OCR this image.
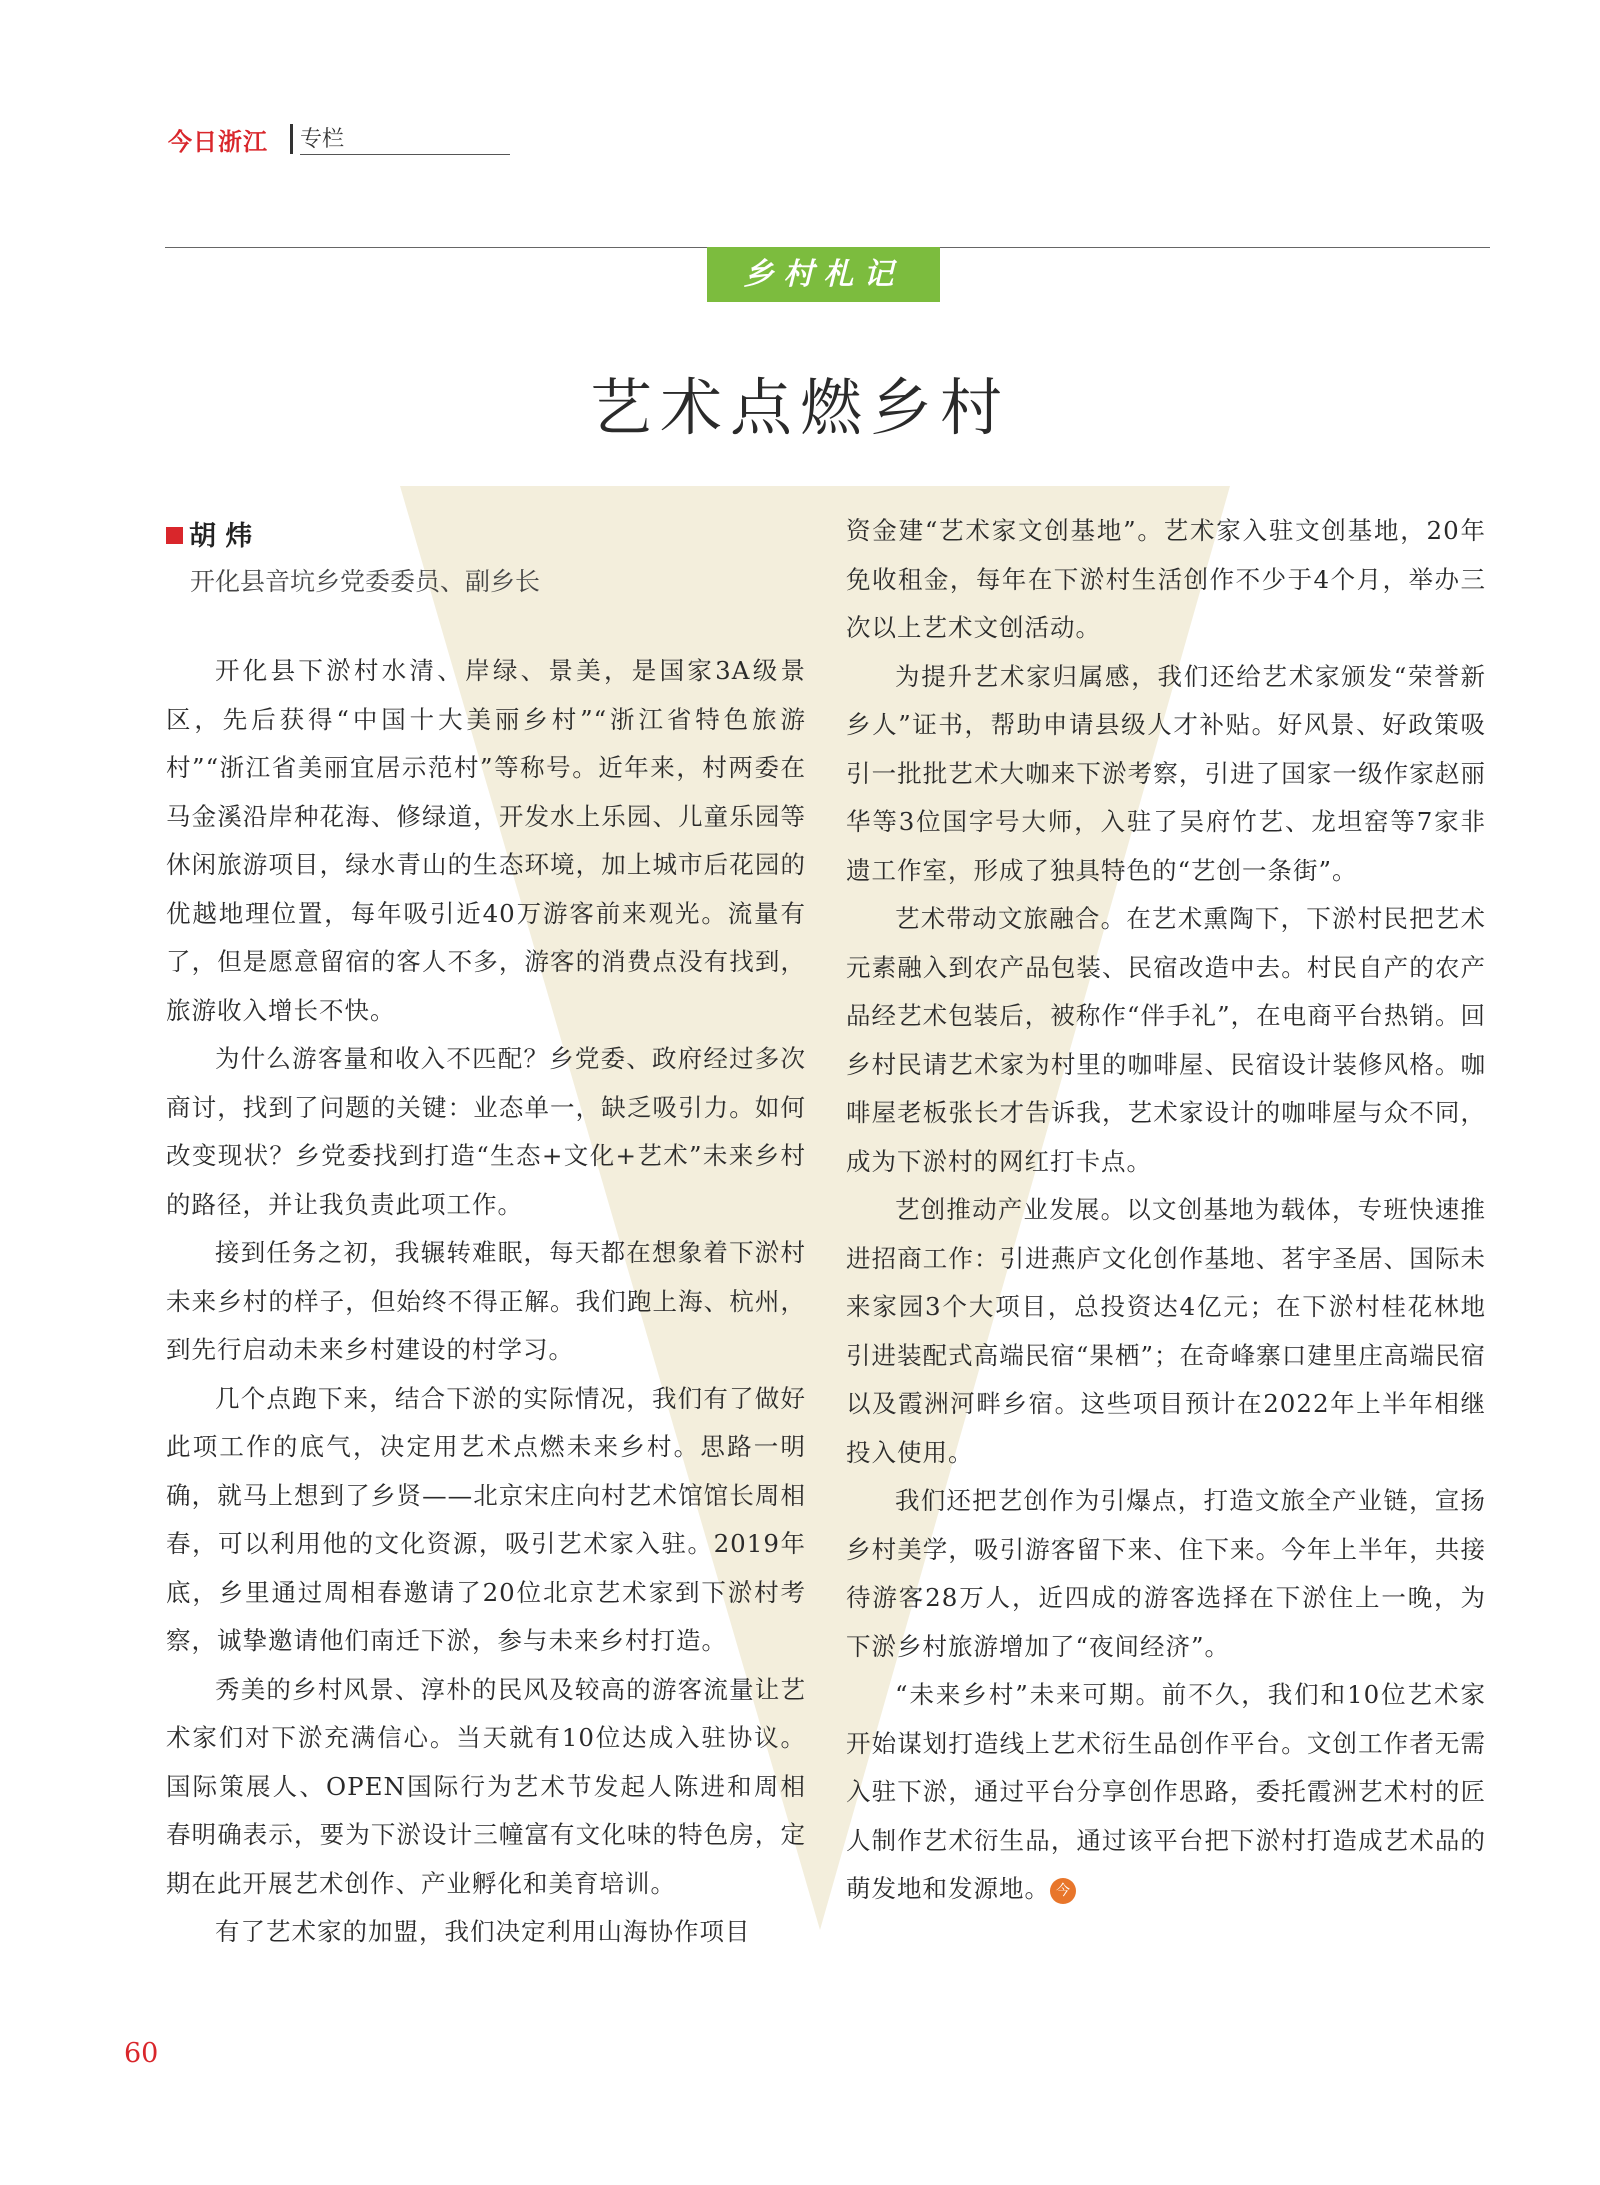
今日浙江 专栏
乡村札记
艺术点燃乡村
胡 炜
开化县音坑乡党委委员、副乡长

开化县下淤村水清、岸绿、景美，是国家3A级景区，先后获得“中国十大美丽乡村”“浙江省特色旅游村”“浙江省美丽宜居示范村”等称号。近年来，村两委在马金溪沿岸种花海、修绿道，开发水上乐园、儿童乐园等休闲旅游项目，绿水青山的生态环境，加上城市后花园的优越地理位置，每年吸引近40万游客前来观光。流量有了，但是愿意留宿的客人不多，游客的消费点没有找到，旅游收入增长不快。

为什么游客量和收入不匹配？乡党委、政府经过多次商讨，找到了问题的关键：业态单一，缺乏吸引力。如何改变现状？乡党委找到打造“生态+文化+艺术”未来乡村的路径，并让我负责此项工作。

接到任务之初，我辗转难眠，每天都在想象着下淤村未来乡村的样子，但始终不得正解。我们跑上海、杭州，到先行启动未来乡村建设的村学习。

几个点跑下来，结合下淤的实际情况，我们有了做好此项工作的底气，决定用艺术点燃未来乡村。思路一明确，就马上想到了乡贤——北京宋庄向村艺术馆馆长周相春，可以利用他的文化资源，吸引艺术家入驻。2019年底，乡里通过周相春邀请了20位北京艺术家到下淤村考察，诚挚邀请他们南迁下淤，参与未来乡村打造。

秀美的乡村风景、淳朴的民风及较高的游客流量让艺术家们对下淤充满信心。当天就有10位达成入驻协议。国际策展人、OPEN国际行为艺术节发起人陈进和周相春明确表示，要为下淤设计三幢富有文化味的特色房，定期在此开展艺术创作、产业孵化和美育培训。

有了艺术家的加盟，我们决定利用山海协作项目

资金建“艺术家文创基地”。艺术家入驻文创基地，20年免收租金，每年在下淤村生活创作不少于4个月，举办三次以上艺术文创活动。

为提升艺术家归属感，我们还给艺术家颁发“荣誉新乡人”证书，帮助申请县级人才补贴。好风景、好政策吸引一批批艺术大咖来下淤考察，引进了国家一级作家赵丽华等3位国字号大师，入驻了吴府竹艺、龙坦窑等7家非遗工作室，形成了独具特色的“艺创一条街”。

艺术带动文旅融合。在艺术熏陶下，下淤村民把艺术元素融入到农产品包装、民宿改造中去。村民自产的农产品经艺术包装后，被称作“伴手礼”，在电商平台热销。回乡村民请艺术家为村里的咖啡屋、民宿设计装修风格。咖啡屋老板张长才告诉我，艺术家设计的咖啡屋与众不同，成为下淤村的网红打卡点。

艺创推动产业发展。以文创基地为载体，专班快速推进招商工作：引进燕庐文化创作基地、茗宇圣居、国际未来家园3个大项目，总投资达4亿元；在下淤村桂花林地引进装配式高端民宿“果栖”；在奇峰寨口建里庄高端民宿以及霞洲河畔乡宿。这些项目预计在2022年上半年相继投入使用。

我们还把艺创作为引爆点，打造文旅全产业链，宣扬乡村美学，吸引游客留下来、住下来。今年上半年，共接待游客28万人，近四成的游客选择在下淤住上一晚，为下淤乡村旅游增加了“夜间经济”。

“未来乡村”未来可期。前不久，我们和10位艺术家开始谋划打造线上艺术衍生品创作平台。文创工作者无需入驻下淤，通过平台分享创作思路，委托霞洲艺术村的匠人制作艺术衍生品，通过该平台把下淤村打造成艺术品的萌发地和发源地。 今

60
